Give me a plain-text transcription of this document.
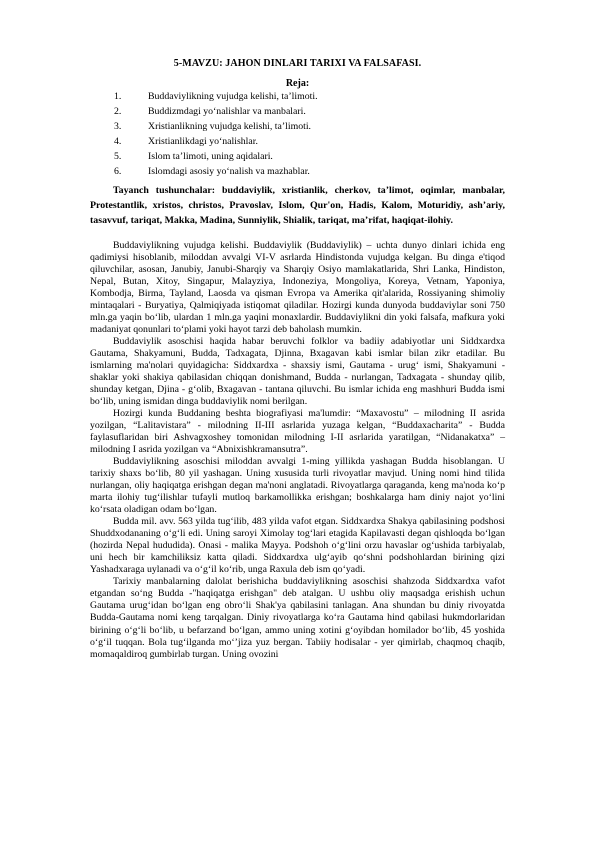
5-MAVZU: JAHON DINLARI TARIXI VA FALSAFASI.
Reja:
1.	Buddaviylikning vujudga kelishi, ta’limoti.
2.	Buddizmdagi yo‘nalishlar va manbalari.
3.	Xristianlikning vujudga kelishi, ta’limoti.
4.	Xristianlikdagi yo‘nalishlar.
5.	Islom ta’limoti, uning aqidalari.
6.	Islomdagi asosiy yo‘nalish va mazhablar.

Tayanch tushunchalar: buddaviylik, xristianlik, cherkov, ta’limot, oqimlar, manbalar, Protestantlik, xristos, christos, Pravoslav, Islom, Qur'on, Hadis, Kalom, Moturidiy, ash’ariy, tasavvuf, tariqat, Makka, Madina, Sunniylik, Shialik, tariqat, ma’rifat, haqiqat-ilohiy.

Buddaviylikning vujudga kelishi. Buddaviylik (Buddaviylik) – uchta dunyo dinlari ichida eng qadimiysi hisoblanib, miloddan avvalgi VI-V asrlarda Hindistonda vujudga kelgan. Bu dinga e'tiqod qiluvchilar, asosan, Janubiy, Janubi-Sharqiy va Sharqiy Osiyo mamlakatlarida, Shri Lanka, Hindiston, Nepal, Butan, Xitoy, Singapur, Malayziya, Indoneziya, Mongoliya, Koreya, Vetnam, Yaponiya, Kombodja, Birma, Tayland, Laosda va qisman Evropa va Amerika qit'alarida, Rossiyaning shimoliy mintaqalari - Buryatiya, Qalmiqiyada istiqomat qiladilar. Hozirgi kunda dunyoda buddaviylar soni 750 mln.ga yaqin bo‘lib, ulardan 1 mln.ga yaqini monaxlardir. Buddaviylikni din yoki falsafa, mafkura yoki madaniyat qonunlari to‘plami yoki hayot tarzi deb baholash mumkin.

Buddaviylik asoschisi haqida habar beruvchi folklor va badiiy adabiyotlar uni Siddxardxa Gautama, Shakyamuni, Budda, Tadxagata, Djinna, Bxagavan kabi ismlar bilan zikr etadilar. Bu ismlarning ma'nolari quyidagicha: Siddxardxa - shaxsiy ismi, Gautama - urug‘ ismi, Shakyamuni - shaklar yoki shakiya qabilasidan chiqqan donishmand, Budda - nurlangan, Tadxagata - shunday qilib, shunday ketgan, Djina - g‘olib, Bxagavan - tantana qiluvchi. Bu ismlar ichida eng mashhuri Budda ismi bo‘lib, uning ismidan dinga buddaviylik nomi berilgan.

Hozirgi kunda Buddaning beshta biografiyasi ma'lumdir: “Maxavostu” – milodning II asrida yozilgan, “Lalitavistara” - milodning II-III asrlarida yuzaga kelgan, “Buddaxacharita” - Budda faylasuflaridan biri Ashvagxoshey tomonidan milodning I-II asrlarida yaratilgan, “Nidanakatxa” – milodning I asrida yozilgan va “Abnixishkramansutra”.

Buddaviylikning asoschisi miloddan avvalgi 1-ming yillikda yashagan Budda hisoblangan. U tarixiy shaxs bo‘lib, 80 yil yashagan. Uning xususida turli rivoyatlar mavjud. Uning nomi hind tilida nurlangan, oliy haqiqatga erishgan degan ma'noni anglatadi. Rivoyatlarga qaraganda, keng ma'noda ko‘p marta ilohiy tug‘ilishlar tufayli mutloq barkamollikka erishgan; boshkalarga ham diniy najot yo‘lini ko‘rsata oladigan odam bo‘lgan.

Budda mil. avv. 563 yilda tug‘ilib, 483 yilda vafot etgan. Siddxardxa Shakya qabilasining podshosi Shuddxodananing o‘g‘li edi. Uning saroyi Ximolay tog‘lari etagida Kapilavasti degan qishloqda bo‘lgan (hozirda Nepal hududida). Onasi - malika Mayya. Podshoh o‘g‘lini orzu havaslar og‘ushida tarbiyalab, uni hech bir kamchiliksiz katta qiladi. Siddxardxa ulg‘ayib qo‘shni podshohlardan birining qizi Yashadxaraga uylanadi va o‘g‘il ko‘rib, unga Raxula deb ism qo‘yadi.

Tarixiy manbalarning dalolat berishicha buddaviylikning asoschisi shahzoda Siddxardxa vafot etgandan so‘ng Budda -"haqiqatga erishgan" deb atalgan. U ushbu oliy maqsadga erishish uchun Gautama urug‘idan bo‘lgan eng obro‘li Shak'ya qabilasini tanlagan. Ana shundan bu diniy rivoyatda Budda-Gautama nomi keng tarqalgan. Diniy rivoyatlarga ko‘ra Gautama hind qabilasi hukmdorlaridan birining o‘g‘li bo‘lib, u befarzand bo‘lgan, ammo uning xotini g‘oyibdan homilador bo‘lib, 45 yoshida o‘g‘il tuqqan. Bola tug‘ilganda mo‘’jiza yuz bergan. Tabiiy hodisalar - yer qimirlab, chaqmoq chaqib, momaqaldiroq gumbirlab turgan. Uning ovozini
